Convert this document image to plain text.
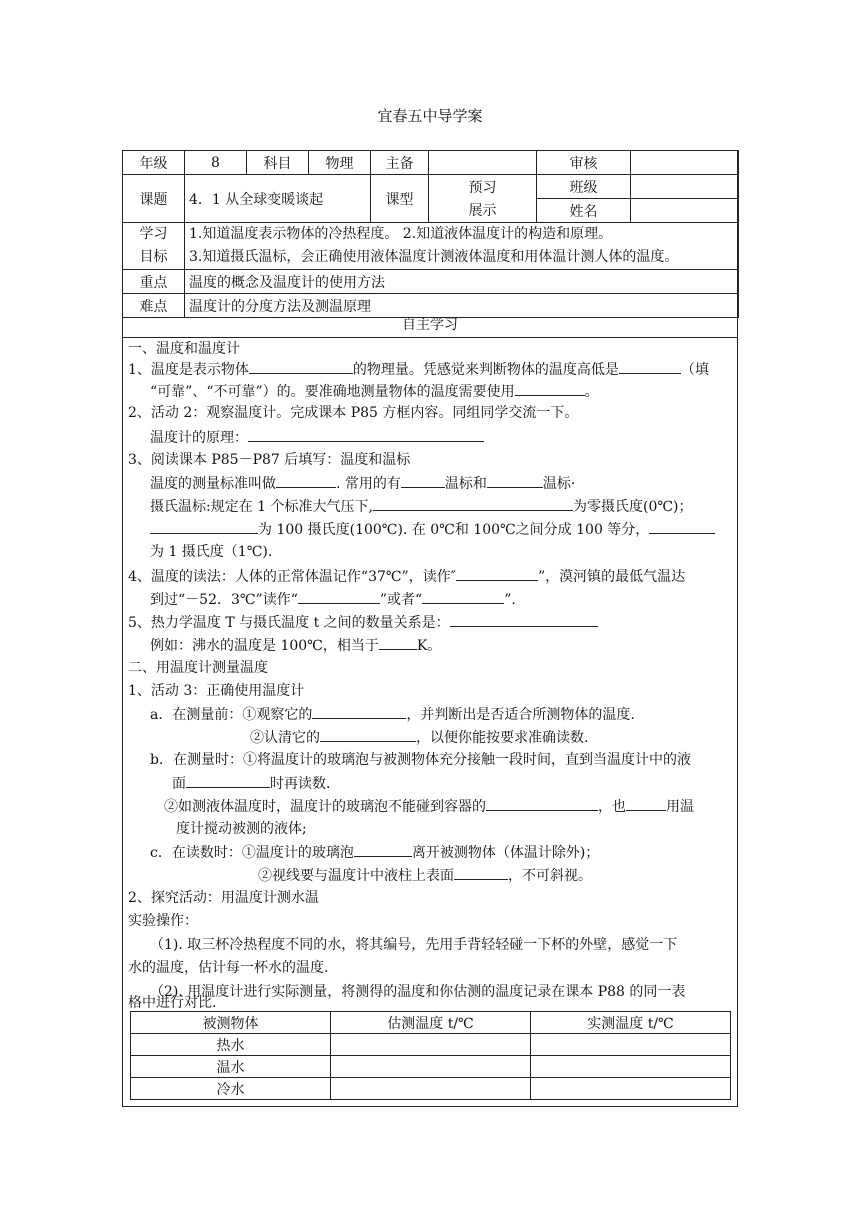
宜春五中导学案
年级	8	科目	物理	主备		审核	
课题	4．1 从全球变暖谈起			课型	预习	班级	
					展示	姓名	

学习
目标	1.知道温度表示物体的冷热程度。 2.知道液体温度计的构造和原理。
3.知道摄氏温标，会正确使用液体温度计测液体温度和用体温计测人体的温度。						

重点	温度的概念及温度计的使用方法						
难点	温度计的分度方法及测温原理						
自主学习
一、温度和温度计
1、温度是表示物体	的物理量。凭感觉来判断物体的温度高低是	（填
“可靠”、“不可靠”）的。要准确地测量物体的温度需要使用	。
2、活动 2：观察温度计。完成课本 P85 方框内容。同组同学交流一下。
温度计的原理：
3、阅读课本 P85－P87 后填写：温度和温标
温度的测量标准叫做	. 常用的有	温标和	温标·
摄氏温标:规定在 1 个标准大气压下,	为零摄氏度(0℃)；
为 100 摄氏度(100℃). 在 0℃和 100℃之间分成 100 等分，
为 1 摄氏度（1℃).
4、温度的读法：人体的正常体温记作“37℃”，读作″	”，漠河镇的最低气温达
到过“－52．3℃”读作“	”或者“	”.
5、热力学温度 T 与摄氏温度 t 之间的数量关系是：
例如：沸水的温度是 100℃，相当于	K。
二、用温度计测量温度
1、活动 3：正确使用温度计
a．在测量前：①观察它的	，并判断出是否适合所测物体的温度.
②认清它的	，以便你能按要求准确读数.
b．在测量时：①将温度计的玻璃泡与被测物体充分接触一段时间，直到当温度计中的液
面	时再读数.
②如测液体温度时，温度计的玻璃泡不能碰到容器的	，也	用温
度计搅动被测的液体;
c．在读数时：①温度计的玻璃泡	离开被测物体（体温计除外)；
②视线要与温度计中液柱上表面	，不可斜视。
2、探究活动：用温度计测水温
实验操作：
（1). 取三杯冷热程度不同的水，将其编号，先用手背轻轻碰一下杯的外壁，感觉一下
水的温度，估计每一杯水的温度.
（2). 用温度计进行实际测量，将测得的温度和你估测的温度记录在课本 P88 的同一表
格中进行对比.
被测物体	估测温度 t/℃	实测温度 t/℃
热水		
温水		
冷水		
